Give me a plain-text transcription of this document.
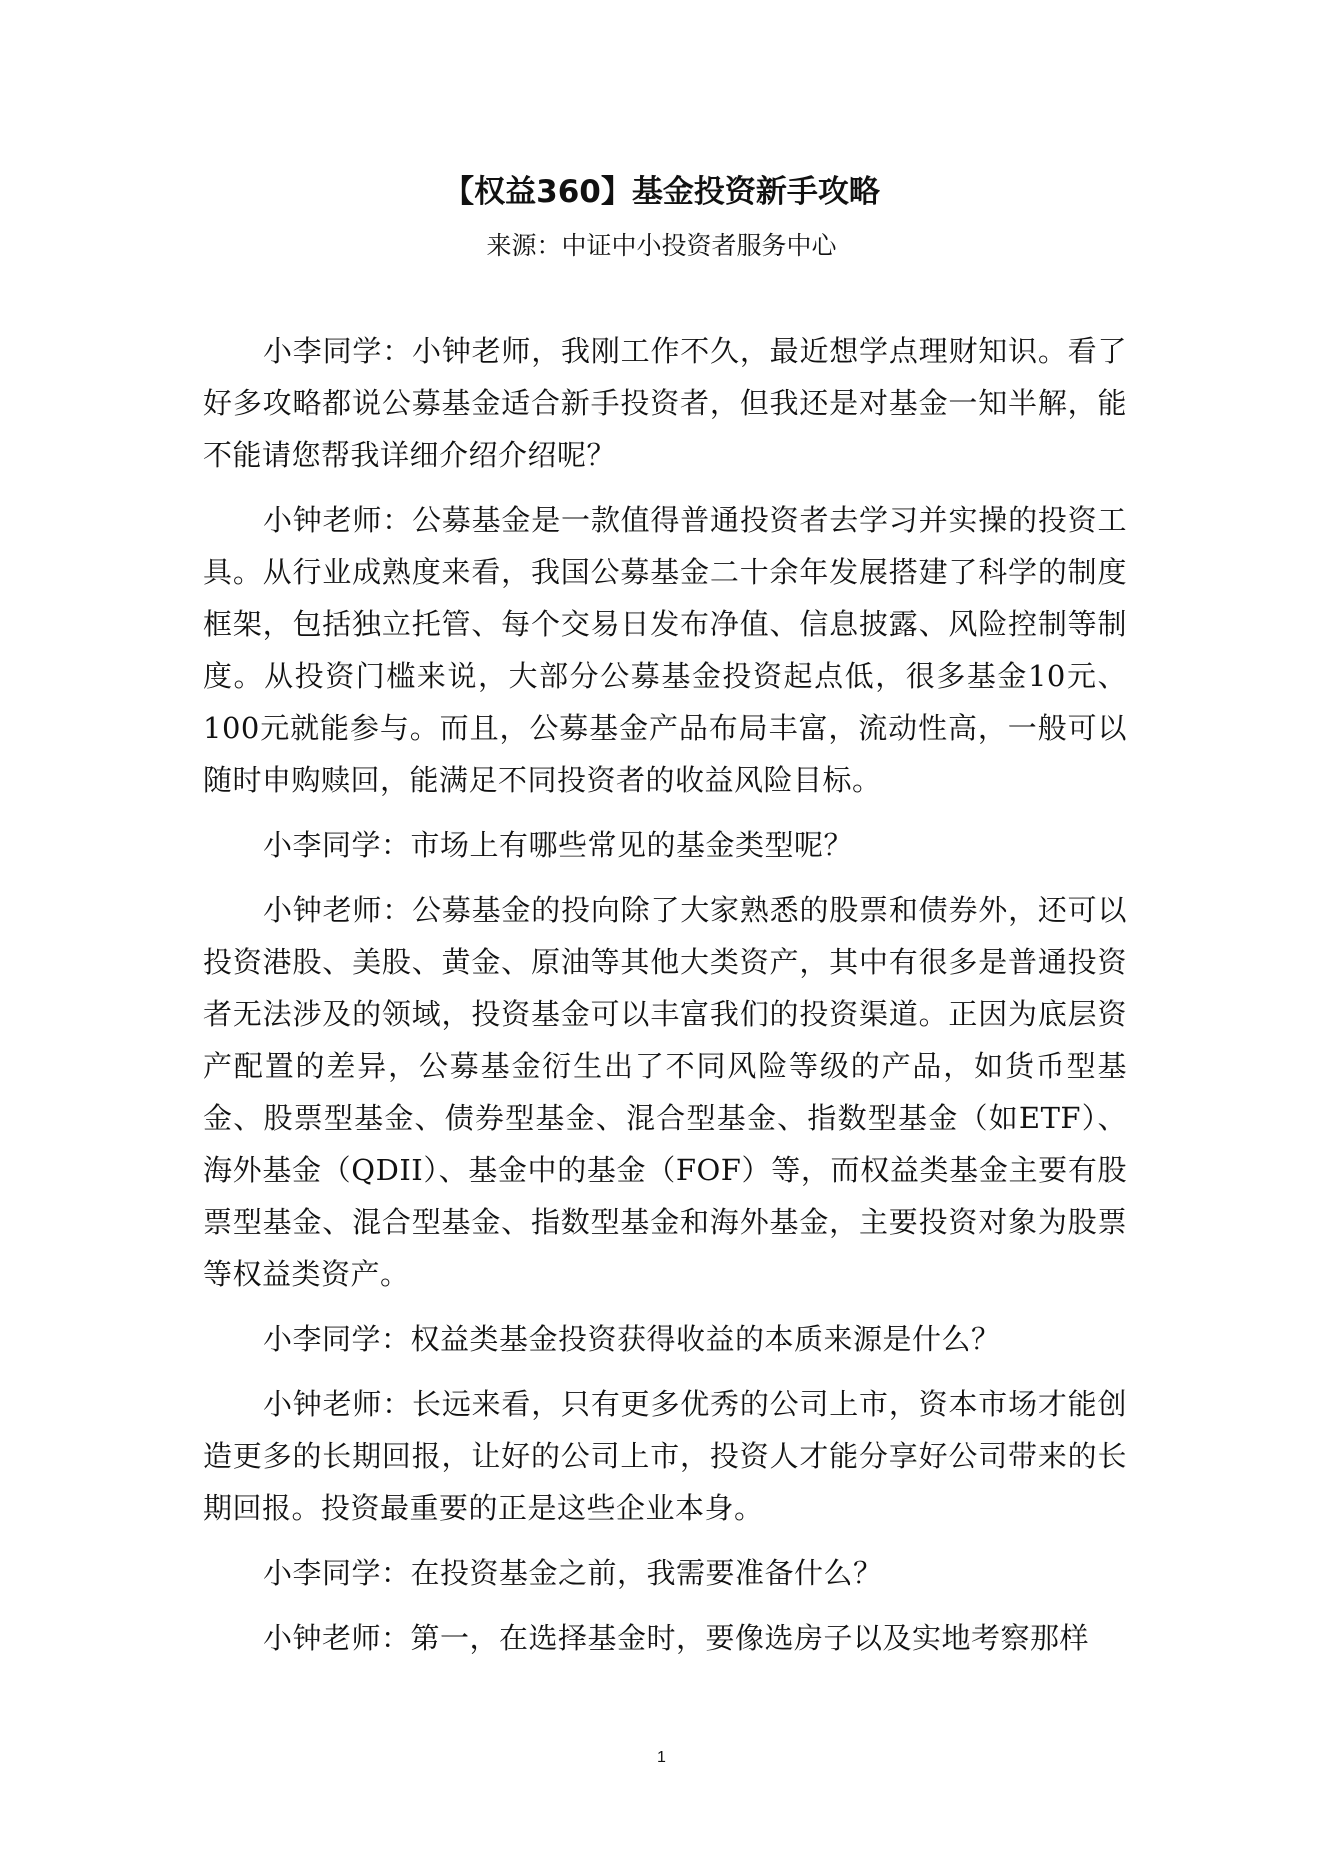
【权益360】基金投资新手攻略

来源：中证中小投资者服务中心

小李同学：小钟老师，我刚工作不久，最近想学点理财知识。看了好多攻略都说公募基金适合新手投资者，但我还是对基金一知半解，能不能请您帮我详细介绍介绍呢？

小钟老师：公募基金是一款值得普通投资者去学习并实操的投资工具。从行业成熟度来看，我国公募基金二十余年发展搭建了科学的制度框架，包括独立托管、每个交易日发布净值、信息披露、风险控制等制度。从投资门槛来说，大部分公募基金投资起点低，很多基金10元、100元就能参与。而且，公募基金产品布局丰富，流动性高，一般可以随时申购赎回，能满足不同投资者的收益风险目标。

小李同学：市场上有哪些常见的基金类型呢？

小钟老师：公募基金的投向除了大家熟悉的股票和债券外，还可以投资港股、美股、黄金、原油等其他大类资产，其中有很多是普通投资者无法涉及的领域，投资基金可以丰富我们的投资渠道。正因为底层资产配置的差异，公募基金衍生出了不同风险等级的产品，如货币型基金、股票型基金、债券型基金、混合型基金、指数型基金（如ETF）、海外基金（QDII）、基金中的基金（FOF）等，而权益类基金主要有股票型基金、混合型基金、指数型基金和海外基金，主要投资对象为股票等权益类资产。

小李同学：权益类基金投资获得收益的本质来源是什么？

小钟老师：长远来看，只有更多优秀的公司上市，资本市场才能创造更多的长期回报，让好的公司上市，投资人才能分享好公司带来的长期回报。投资最重要的正是这些企业本身。

小李同学：在投资基金之前，我需要准备什么？

小钟老师：第一，在选择基金时，要像选房子以及实地考察那样

1
